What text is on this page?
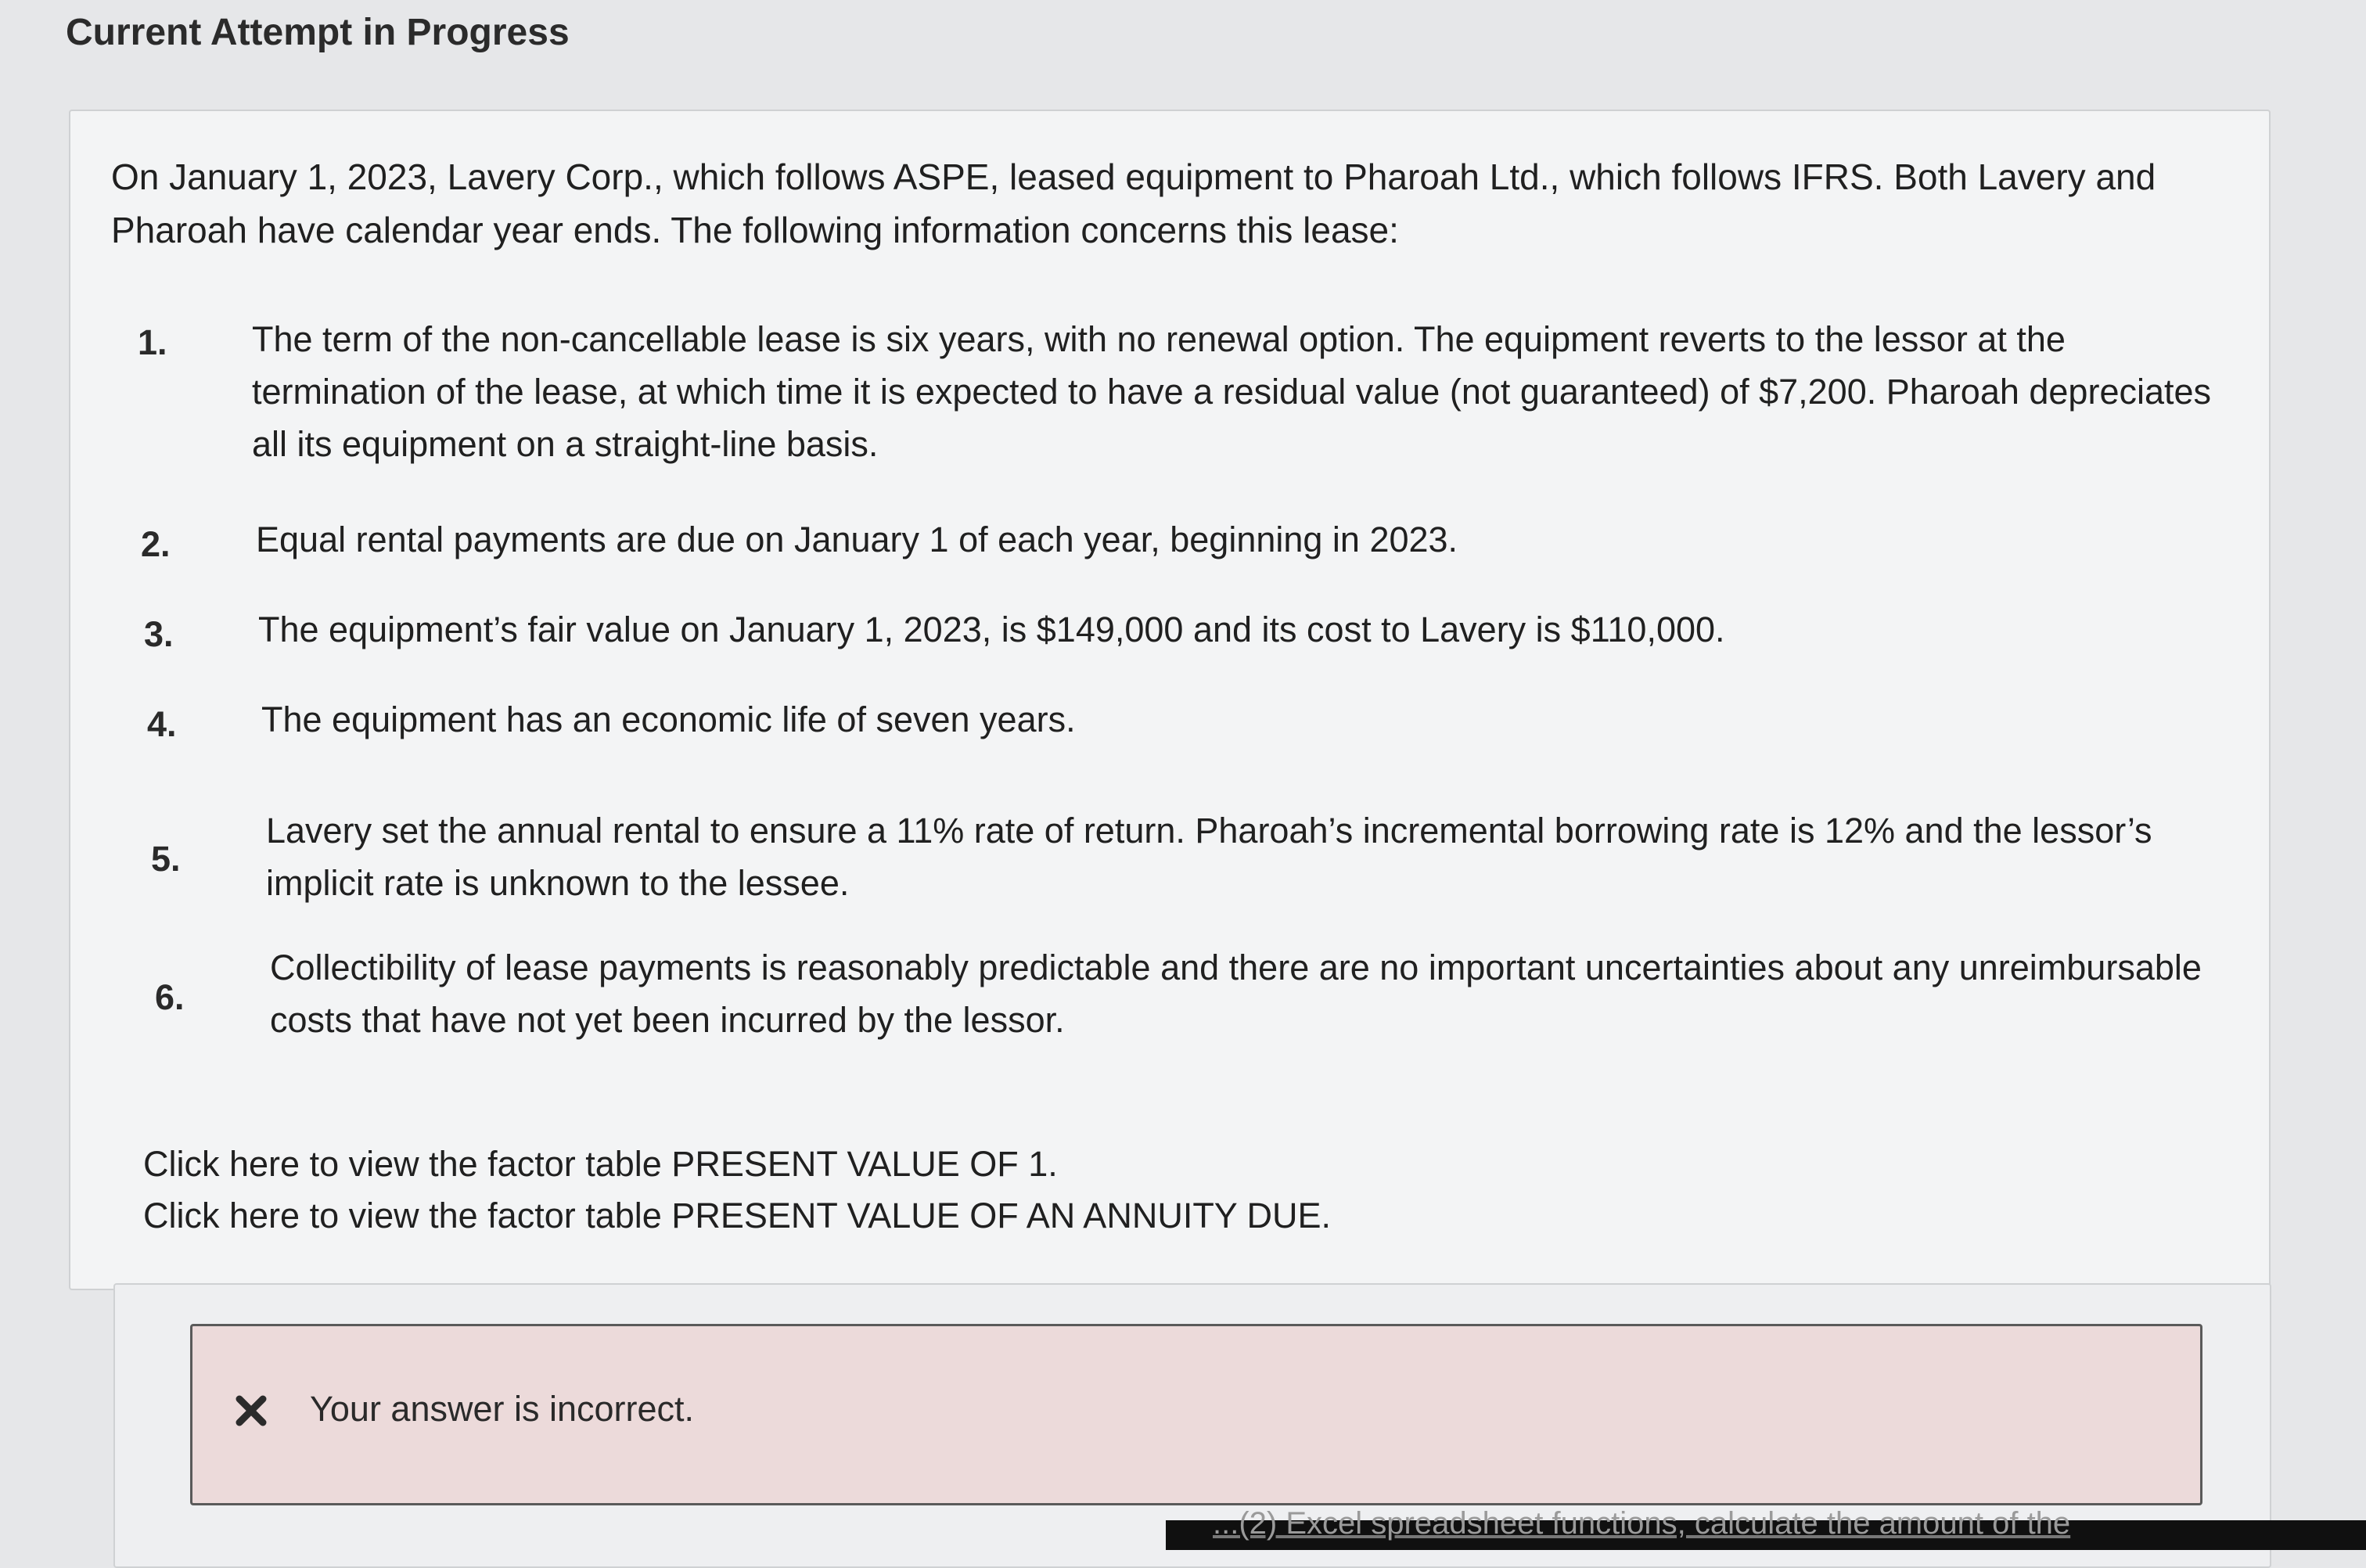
Current Attempt in Progress
On January 1, 2023, Lavery Corp., which follows ASPE, leased equipment to Pharoah Ltd., which follows IFRS. Both Lavery and Pharoah have calendar year ends. The following information concerns this lease:
1. The term of the non-cancellable lease is six years, with no renewal option. The equipment reverts to the lessor at the termination of the lease, at which time it is expected to have a residual value (not guaranteed) of $7,200. Pharoah depreciates all its equipment on a straight-line basis.
2. Equal rental payments are due on January 1 of each year, beginning in 2023.
3. The equipment’s fair value on January 1, 2023, is $149,000 and its cost to Lavery is $110,000.
4. The equipment has an economic life of seven years.
5.
Lavery set the annual rental to ensure a 11% rate of return. Pharoah’s incremental borrowing rate is 12% and the lessor’s implicit rate is unknown to the lessee.
6.
Collectibility of lease payments is reasonably predictable and there are no important uncertainties about any unreimbursable costs that have not yet been incurred by the lessor.
Click here to view the factor table PRESENT VALUE OF 1.
Click here to view the factor table PRESENT VALUE OF AN ANNUITY DUE.
Your answer is incorrect.
...(2) Excel spreadsheet functions, calculate the amount of the
